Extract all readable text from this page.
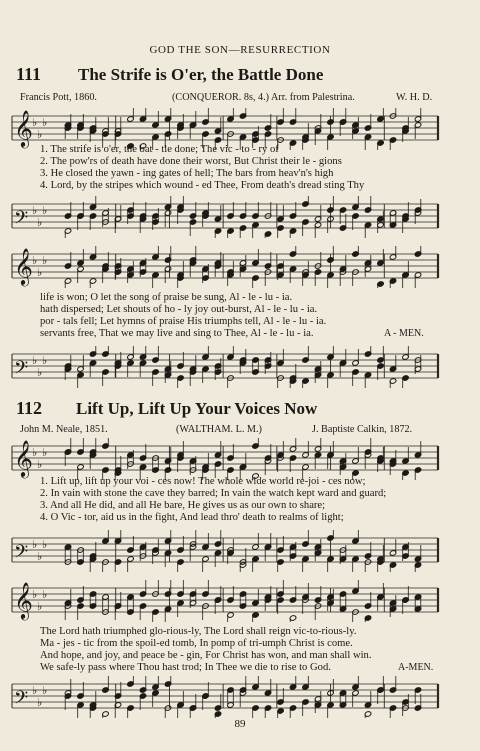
GOD THE SON—RESURRECTION
111 The Strife is O'er, the Battle Done
Francis Pott, 1860.	(CONQUEROR. 8s, 4.) Arr. from Palestrina.	W. H. D.
𝄞 ♭
♭
♭
1. The strife is o'er, the bat - tle done; The vic - to - ry of
2. The pow'rs of death have done their worst, But Christ their le - gions
3. He closed the yawn - ing gates of hell; The bars from heav'n's high
4. Lord, by the stripes which wound - ed Thee, From death's dread sting Thy
𝄢 ♭
♭
♭
𝄞 ♭
♭
♭
life is won; O let the song of praise be sung, Al - le - lu - ia.
hath dispersed; Let shouts of ho - ly joy out-burst, Al - le - lu - ia.
por - tals fell; Let hymns of praise His triumphs tell, Al - le - lu - ia.
servants free, That we may live and sing to Thee, Al - le - lu - ia.	A - MEN.
𝄢 ♭
♭
♭
112 Lift Up, Lift Up Your Voices Now
John M. Neale, 1851.	(WALTHAM. L. M.)	J. Baptiste Calkin, 1872.
𝄞 ♭
♭
♭
1. Lift up, lift up your voi - ces now! The whole wide world re-joi - ces now;
2. In vain with stone the cave they barred; In vain the watch kept ward and guard;
3. And all He did, and all He bare, He gives us as our own to share;
4. O Vic - tor, aid us in the fight, And lead thro' death to realms of light;
𝄢 ♭
♭
♭
𝄞 ♭
♭
♭
The Lord hath triumphed glo-rious-ly, The Lord shall reign vic-to-rious-ly.
Ma - jes - tic from the spoil-ed tomb, In pomp of tri-umph Christ is come.
And hope, and joy, and peace be - gin, For Christ has won, and man shall win.
We safe-ly pass where Thou hast trod; In Thee we die to rise to God.	A-MEN.
𝄢 ♭
♭
♭
89
